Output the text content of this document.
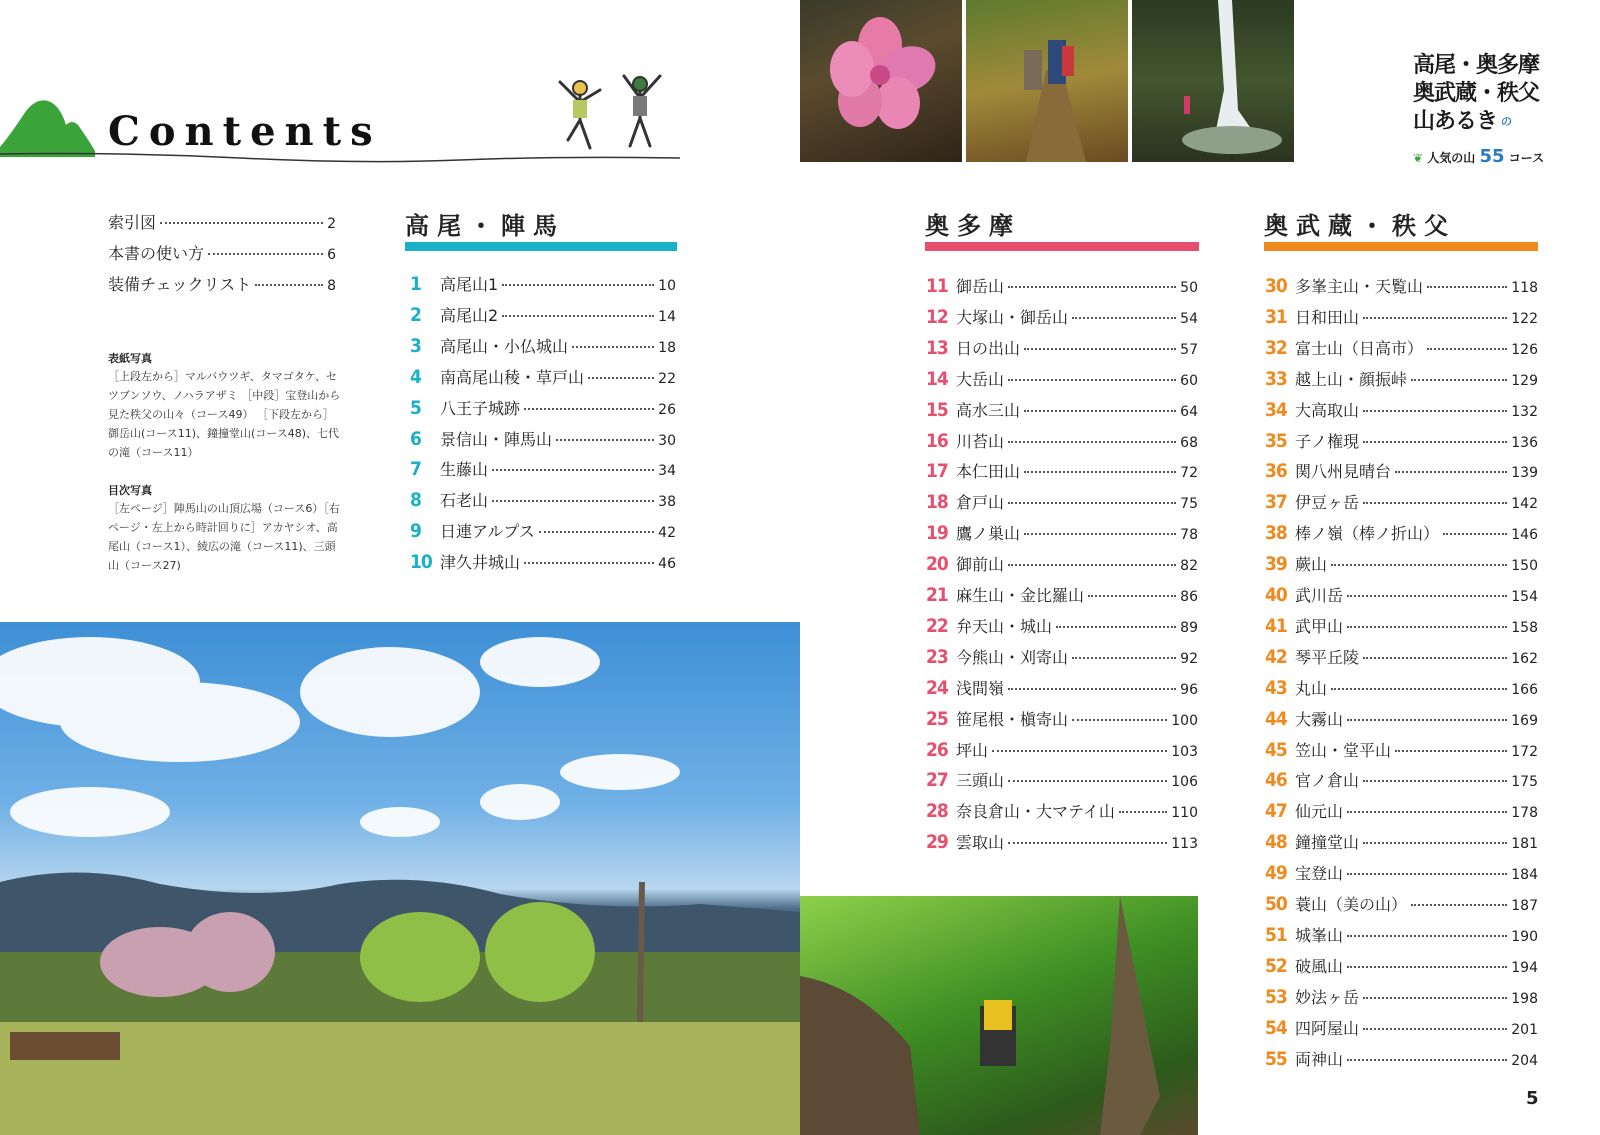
Contents
高尾・奥多摩
奥武蔵・秩父
山あるき の
❦ 人気の山 55 コース
索引図	2
本書の使い方	6
装備チェックリスト	8
表紙写真
［上段左から］マルバウツギ、タマゴタケ、セツブンソウ、ノハラアザミ ［中段］宝登山から見た秩父の山々（コース49） ［下段左から］御岳山(コース11)、鐘撞堂山(コース48)、七代の滝（コース11）
目次写真
［左ページ］陣馬山の山頂広場（コース6）［右ページ・左上から時計回りに］アカヤシオ、高尾山（コース1）、綾広の滝（コース11)、三頭山（コース27)
高尾・陣馬	奥多摩	奥武蔵・秩父
1	高尾山1	10
2	高尾山2	14
3	高尾山・小仏城山	18
4	南高尾山稜・草戸山	22
5	八王子城跡	26
6	景信山・陣馬山	30
7	生藤山	34
8	石老山	38
9	日連アルプス	42
10 津久井城山	46
11 御岳山	50
12 大塚山・御岳山	54
13 日の出山	57
14 大岳山	60
15 高水三山	64
16 川苔山	68
17 本仁田山	72
18 倉戸山	75
19 鷹ノ巣山	78
20 御前山	82
21 麻生山・金比羅山	86
22 弁天山・城山	89
23 今熊山・刈寄山	92
24 浅間嶺	96
25 笹尾根・槇寄山	100
26 坪山	103
27 三頭山	106
28 奈良倉山・大マテイ山	110
29 雲取山	113
30 多峯主山・天覧山	118
31 日和田山	122
32 富士山（日高市）	126
33 越上山・顔振峠	129
34 大高取山	132
35 子ノ権現	136
36 関八州見晴台	139
37 伊豆ヶ岳	142
38 棒ノ嶺（棒ノ折山）	146
39 蕨山	150
40 武川岳	154
41 武甲山	158
42 琴平丘陵	162
43 丸山	166
44 大霧山	169
45 笠山・堂平山	172
46 官ノ倉山	175
47 仙元山	178
48 鐘撞堂山	181
49 宝登山	184
50 蓑山（美の山）	187
51 城峯山	190
52 破風山	194
53 妙法ヶ岳	198
54 四阿屋山	201
55 両神山	204
5
